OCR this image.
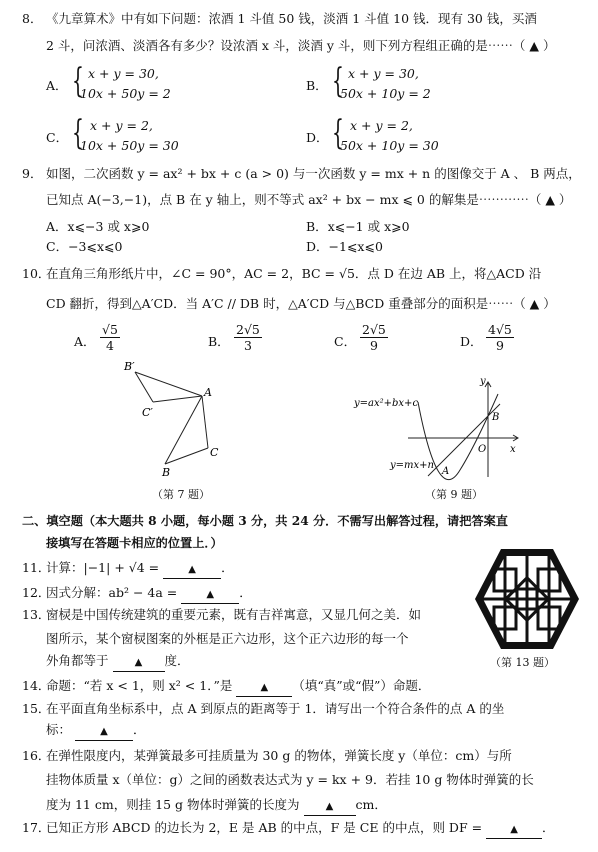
8． 《九章算术》中有如下问题：浓酒 1 斗值 50 钱，淡酒 1 斗值 10 钱．现有 30 钱，买酒
2 斗，问浓酒、淡酒各有多少？设浓酒 x 斗，淡酒 y 斗，则下列方程组正确的是⋯⋯（ ▲ ）
A． { x + y = 30,
10x + 50y = 2
B． { x + y = 30,
50x + 10y = 2
C． { x + y = 2,
10x + 50y = 30
D． { x + y = 2,
50x + 10y = 30
9． 如图，二次函数 y = ax² + bx + c (a > 0) 与一次函数 y = mx + n 的图像交于 A 、 B 两点，
已知点 A(−3,−1)，点 B 在 y 轴上，则不等式 ax² + bx − mx ⩽ 0 的解集是⋯⋯⋯⋯（ ▲ ）
A．x⩽−3 或 x⩾0	B．x⩽−1 或 x⩾0
C．−3⩽x⩽0	D．−1⩽x⩽0
10．
在直角三角形纸片中，∠C = 90°，AC = 2，BC = √5．点 D 在边 AB 上，将△ACD 沿
CD 翻折，得到△A′CD．当 A′C // DB 时，△A′CD 与△BCD 重叠部分的面积是⋯⋯（ ▲ ）
A． $\frac{√5}{4}$	B． $\frac{2√5}{3}$	C． $\frac{2√5}{9}$	D． $\frac{4√5}{9}$
B′
A
C′
C
B
（第 7 题）
y=ax²+bx+c
y=mx+n
A
B
O x
y
（第 9 题）
二、填空题（本大题共 8 小题，每小题 3 分，共 24 分．不需写出解答过程，请把答案直
接填写在答题卡相应的位置上．）
11．
计算：|−1| + √4 =	▲ ．
12．
因式分解：ab² − 4a =	▲ ．
13．
窗棂是中国传统建筑的重要元素，既有吉祥寓意，又显几何之美．如
图所示，某个窗棂图案的外框是正六边形，这个正六边形的每一个
外角都等于	▲ 度．	（第 13 题）
14．
命题：“若 x < 1，则 x² < 1．”是	▲ （填“真”或“假”）命题．
15．
在平面直角坐标系中，点 A 到原点的距离等于 1．请写出一个符合条件的点 A 的坐
标：	▲ ．
16．
在弹性限度内，某弹簧最多可挂质量为 30 g 的物体，弹簧长度 y（单位：cm）与所
挂物体质量 x（单位：g）之间的函数表达式为 y = kx + 9．若挂 10 g 物体时弹簧的长
度为 11 cm，则挂 15 g 物体时弹簧的长度为	▲ cm．
17．
已知正方形 ABCD 的边长为 2，E 是 AB 的中点，F 是 CE 的中点，则 DF =	▲ ．
